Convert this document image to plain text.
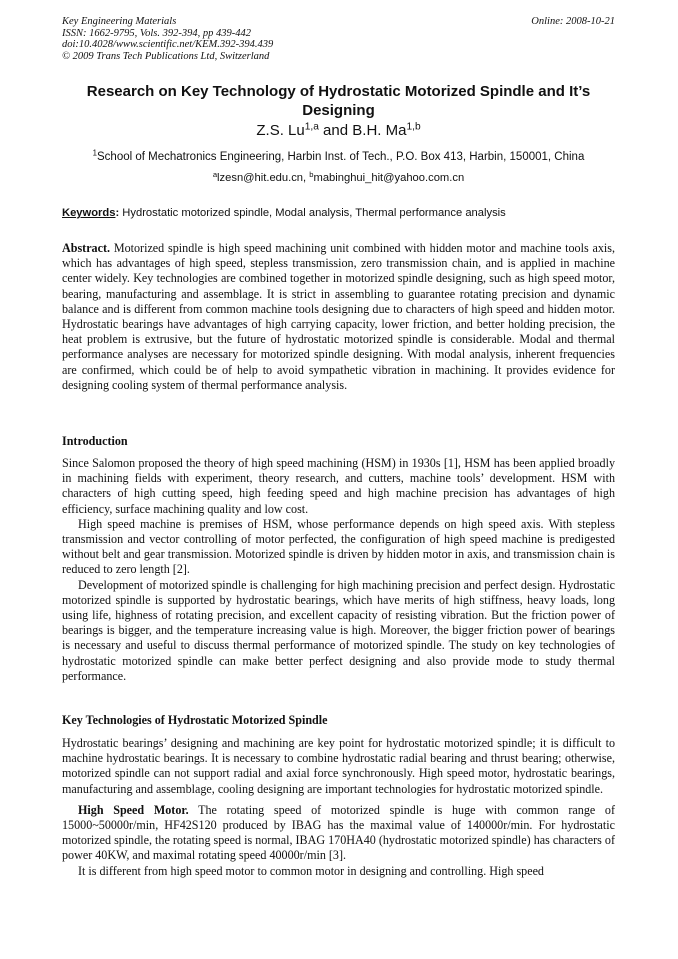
Key Engineering Materials
ISSN: 1662-9795, Vols. 392-394, pp 439-442
doi:10.4028/www.scientific.net/KEM.392-394.439
© 2009 Trans Tech Publications Ltd, Switzerland
Online: 2008-10-21
Research on Key Technology of Hydrostatic Motorized Spindle and It’s Designing
Z.S. Lu$^{1,a}$ and B.H. Ma$^{1,b}$
$^1$School of Mechatronics Engineering, Harbin Inst. of Tech., P.O. Box 413, Harbin, 150001, China
$^a$lzesn@hit.edu.cn, $^b$mabinghui_hit@yahoo.com.cn
Keywords: Hydrostatic motorized spindle, Modal analysis, Thermal performance analysis
Abstract. Motorized spindle is high speed machining unit combined with hidden motor and machine tools axis, which has advantages of high speed, stepless transmission, zero transmission chain, and is applied in machine center widely. Key technologies are combined together in motorized spindle designing, such as high speed motor, bearing, manufacturing and assemblage. It is strict in assembling to guarantee rotating precision and dynamic balance and is different from common machine tools designing due to characters of high speed and hidden motor. Hydrostatic bearings have advantages of high carrying capacity, lower friction, and better holding precision, the heat problem is extrusive, but the future of hydrostatic motorized spindle is considerable. Modal and thermal performance analyses are necessary for motorized spindle designing. With modal analysis, inherent frequencies are confirmed, which could be of help to avoid sympathetic vibration in machining. It provides evidence for designing cooling system of thermal performance analysis.
Introduction

Since Salomon proposed the theory of high speed machining (HSM) in 1930s [1], HSM has been applied broadly in machining fields with experiment, theory research, and cutters, machine tools’ development. HSM with characters of high cutting speed, high feeding speed and high machine precision has advantages of high efficiency, surface machining quality and low cost.

High speed machine is premises of HSM, whose performance depends on high speed axis. With stepless transmission and vector controlling of motor perfected, the configuration of high speed machine is predigested without belt and gear transmission. Motorized spindle is driven by hidden motor in axis, and transmission chain is reduced to zero length [2].

Development of motorized spindle is challenging for high machining precision and perfect design. Hydrostatic motorized spindle is supported by hydrostatic bearings, which have merits of high stiffness, heavy loads, long using life, highness of rotating precision, and excellent capacity of resisting vibration. But the friction power of bearings is bigger, and the temperature increasing value is high. Moreover, the bigger friction power of bearings is necessary and useful to discuss thermal performance of motorized spindle. The study on key technologies of hydrostatic motorized spindle can make better perfect designing and also provide mode to study thermal performance.

Key Technologies of Hydrostatic Motorized Spindle

Hydrostatic bearings’ designing and machining are key point for hydrostatic motorized spindle; it is difficult to machine hydrostatic bearings. It is necessary to combine hydrostatic radial bearing and thrust bearing; otherwise, motorized spindle can not support radial and axial force synchronously. High speed motor, hydrostatic bearings, manufacturing and assemblage, cooling designing are important technologies for hydrostatic motorized spindle.

High Speed Motor. The rotating speed of motorized spindle is huge with common range of 15000~50000r/min, HF42S120 produced by IBAG has the maximal value of 140000r/min. For hydrostatic motorized spindle, the rotating speed is normal, IBAG 170HA40 (hydrostatic motorized spindle) has characters of power 40KW, and maximal rotating speed 40000r/min [3].

It is different from high speed motor to common motor in designing and controlling. High speed
